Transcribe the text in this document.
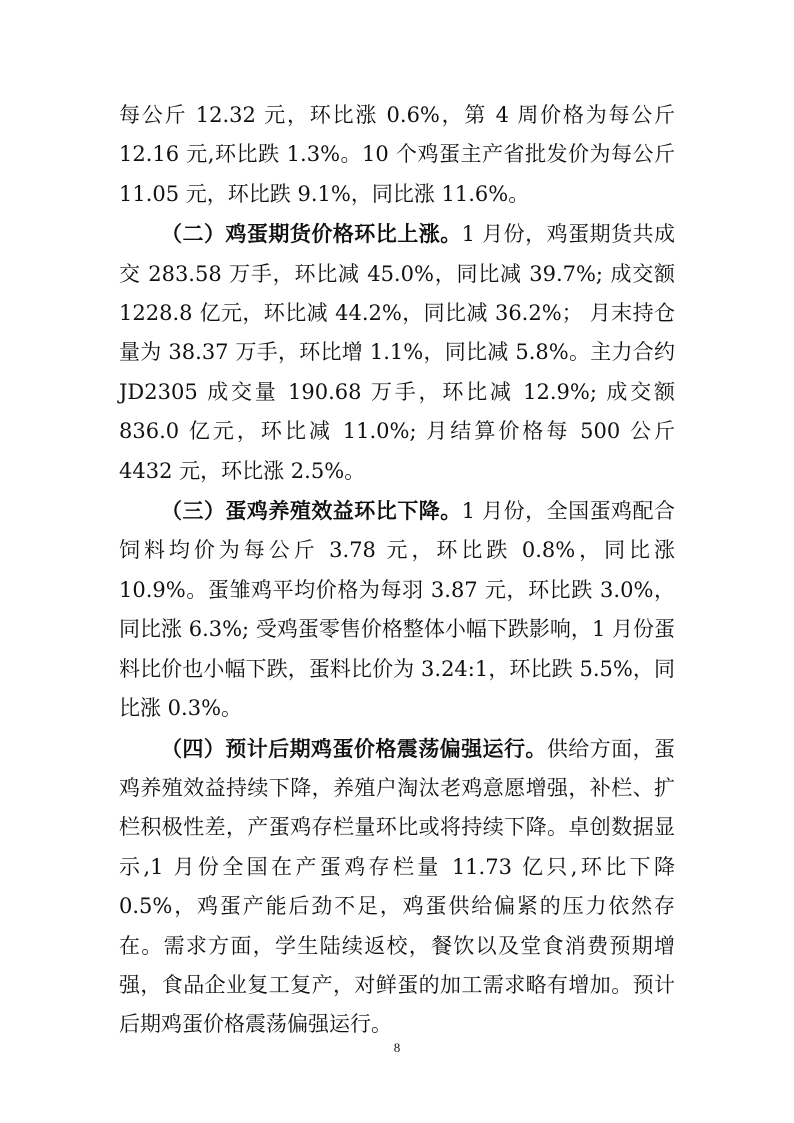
每公斤 12.32 元，环比涨 0.6%，第 4 周价格为每公斤 12.16 元,环比跌 1.3%。10 个鸡蛋主产省批发价为每公斤 11.05 元，环比跌 9.1%，同比涨 11.6%。

（二）鸡蛋期货价格环比上涨。1 月份，鸡蛋期货共成交 283.58 万手，环比减 45.0%，同比减 39.7%; 成交额 1228.8 亿元，环比减 44.2%，同比减 36.2%； 月末持仓量为 38.37 万手，环比增 1.1%，同比减 5.8%。主力合约 JD2305 成交量 190.68 万手，环比减 12.9%; 成交额 836.0 亿元，环比减 11.0%; 月结算价格每 500 公斤 4432 元，环比涨 2.5%。

（三）蛋鸡养殖效益环比下降。1 月份，全国蛋鸡配合饲料均价为每公斤 3.78 元，环比跌 0.8%，同比涨 10.9%。蛋雏鸡平均价格为每羽 3.87 元，环比跌 3.0%，同比涨 6.3%; 受鸡蛋零售价格整体小幅下跌影响，1 月份蛋料比价也小幅下跌，蛋料比价为 3.24:1，环比跌 5.5%，同比涨 0.3%。

（四）预计后期鸡蛋价格震荡偏强运行。供给方面，蛋鸡养殖效益持续下降，养殖户淘汰老鸡意愿增强，补栏、扩栏积极性差，产蛋鸡存栏量环比或将持续下降。卓创数据显示,1 月份全国在产蛋鸡存栏量 11.73 亿只,环比下降 0.5%，鸡蛋产能后劲不足，鸡蛋供给偏紧的压力依然存在。需求方面，学生陆续返校，餐饮以及堂食消费预期增强，食品企业复工复产，对鲜蛋的加工需求略有增加。预计后期鸡蛋价格震荡偏强运行。

8
